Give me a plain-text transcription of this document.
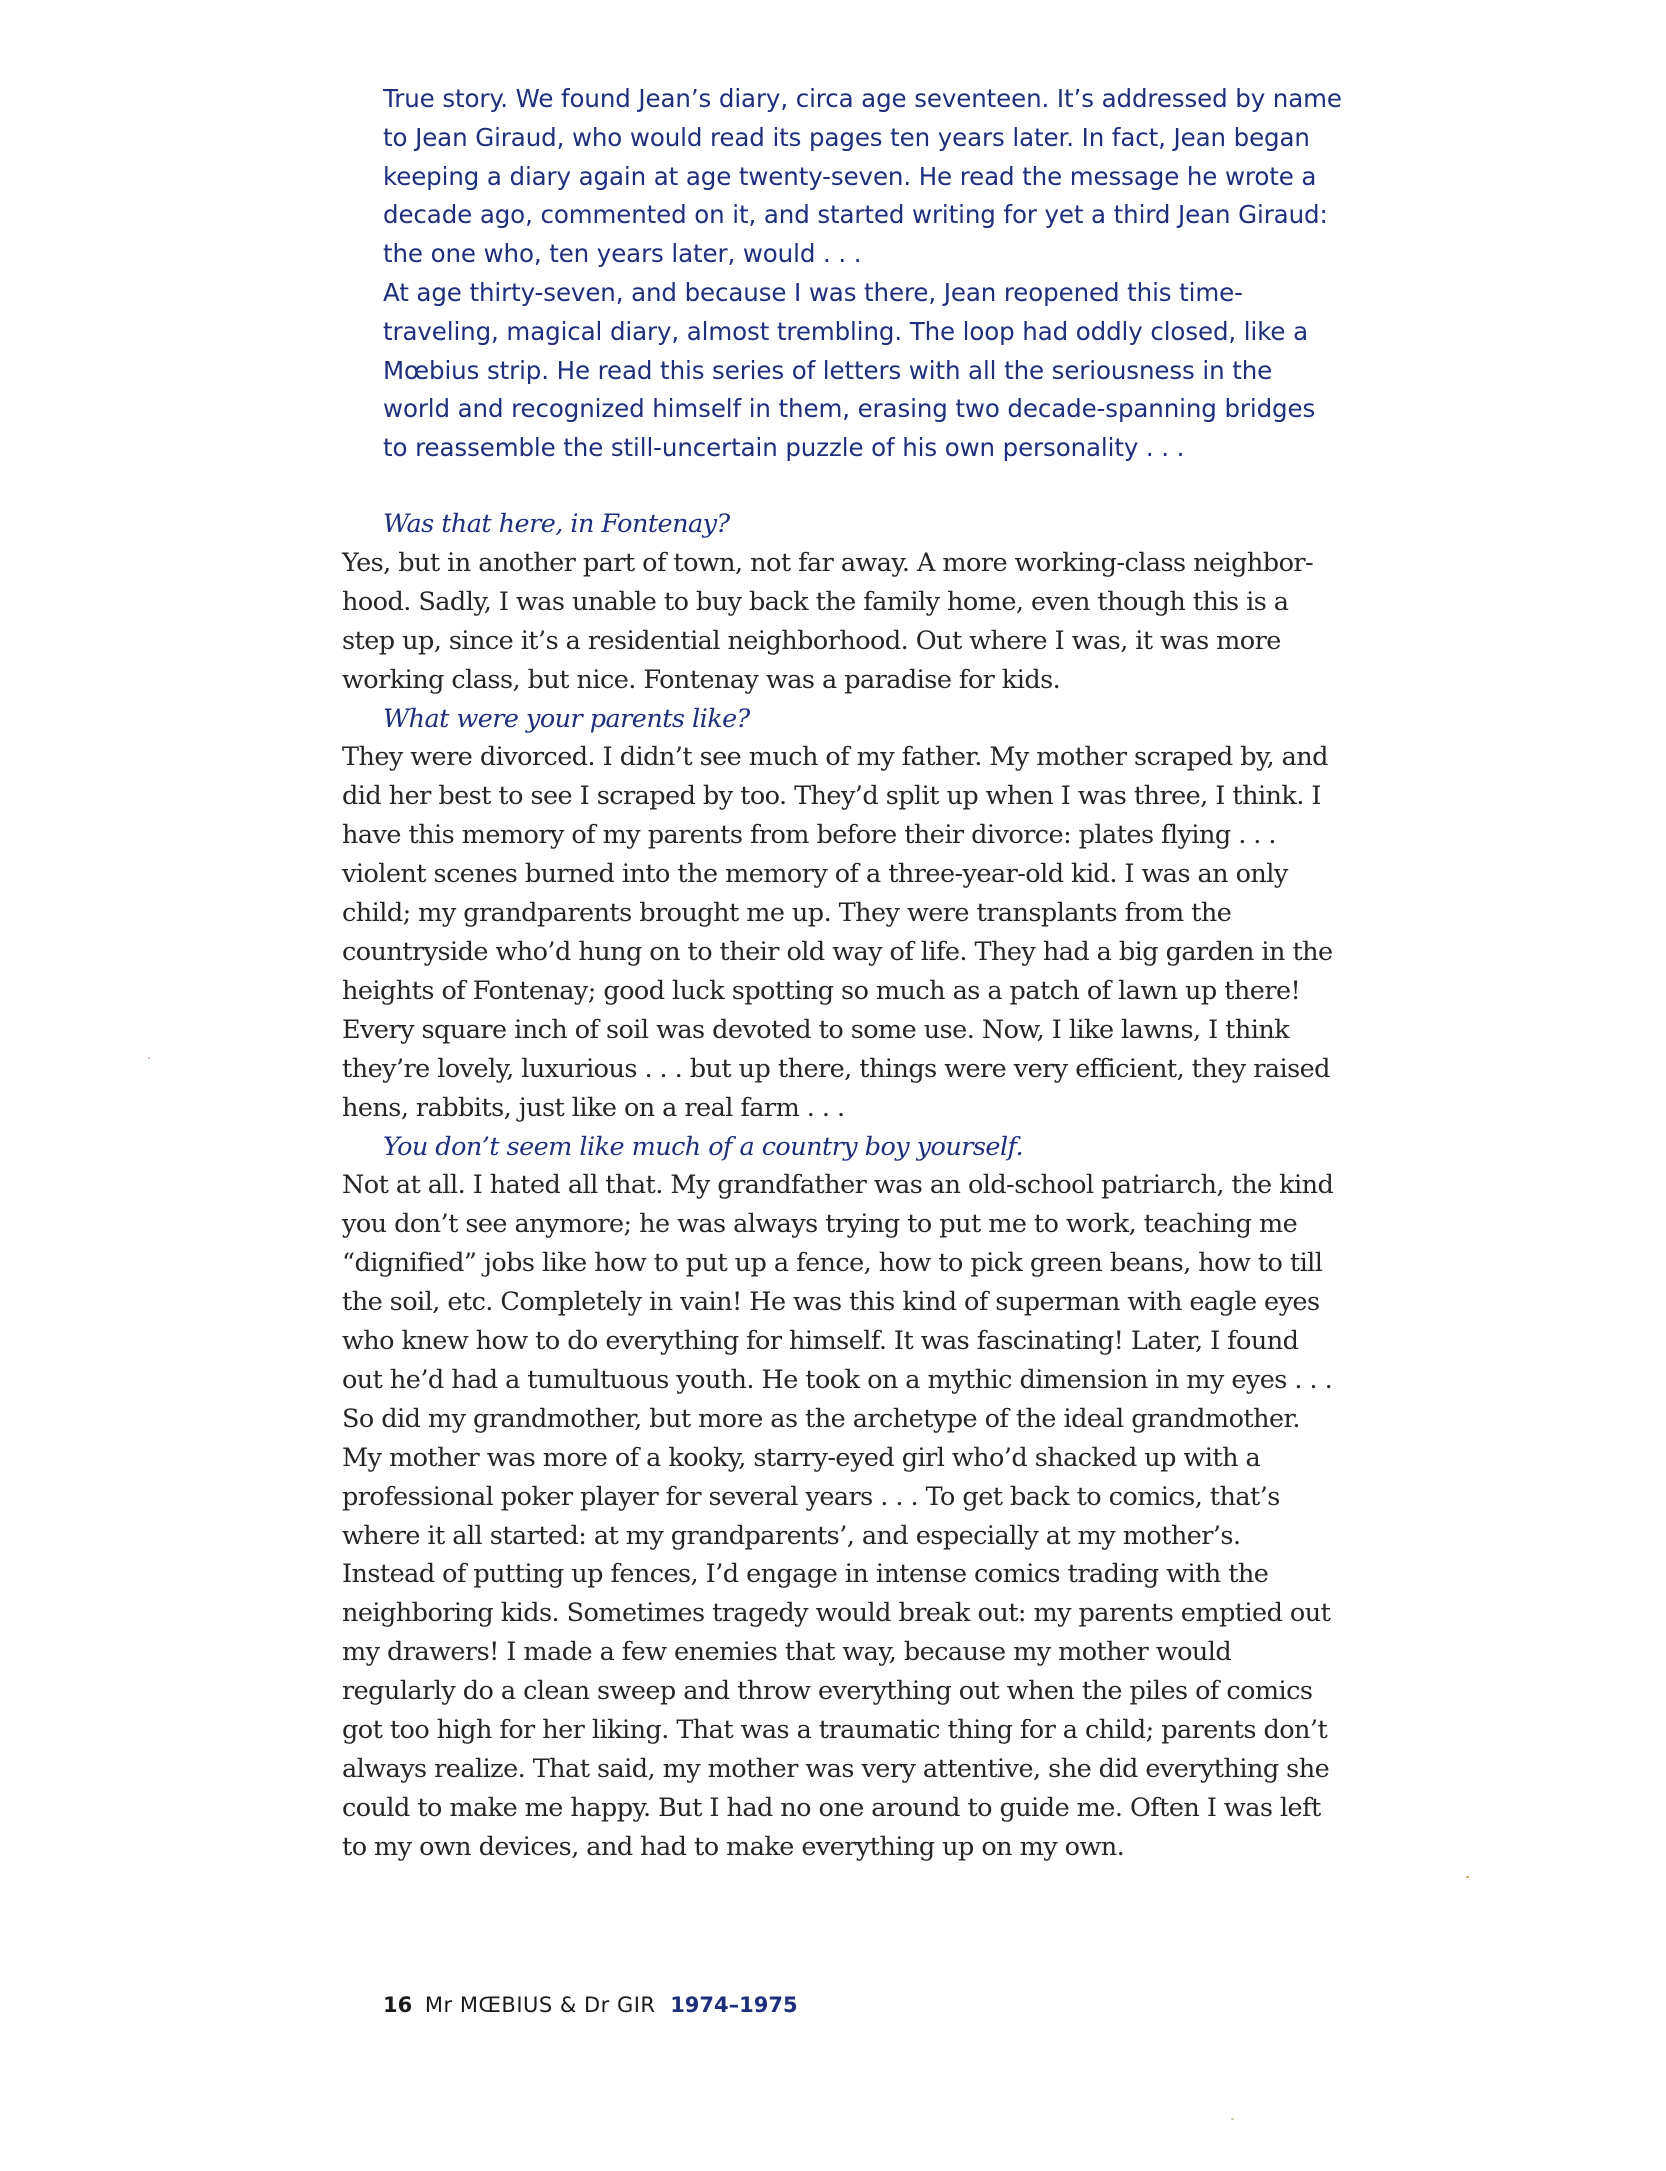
True story. We found Jean’s diary, circa age seventeen. It’s addressed by name to Jean Giraud, who would read its pages ten years later. In fact, Jean began keeping a diary again at age twenty-seven. He read the message he wrote a decade ago, commented on it, and started writing for yet a third Jean Giraud: the one who, ten years later, would . . .

At age thirty-seven, and because I was there, Jean reopened this time-traveling, magical diary, almost trembling. The loop had oddly closed, like a Mœbius strip. He read this series of letters with all the seriousness in the world and recognized himself in them, erasing two decade-spanning bridges to reassemble the still-uncertain puzzle of his own personality . . .

Was that here, in Fontenay?

Yes, but in another part of town, not far away. A more working-class neighborhood. Sadly, I was unable to buy back the family home, even though this is a step up, since it’s a residential neighborhood. Out where I was, it was more working class, but nice. Fontenay was a paradise for kids.

What were your parents like?

They were divorced. I didn’t see much of my father. My mother scraped by, and did her best to see I scraped by too. They’d split up when I was three, I think. I have this memory of my parents from before their divorce: plates flying . . . violent scenes burned into the memory of a three-year-old kid. I was an only child; my grandparents brought me up. They were transplants from the countryside who’d hung on to their old way of life. They had a big garden in the heights of Fontenay; good luck spotting so much as a patch of lawn up there! Every square inch of soil was devoted to some use. Now, I like lawns, I think they’re lovely, luxurious . . . but up there, things were very efficient, they raised hens, rabbits, just like on a real farm . . .

You don’t seem like much of a country boy yourself.

Not at all. I hated all that. My grandfather was an old-school patriarch, the kind you don’t see anymore; he was always trying to put me to work, teaching me “dignified” jobs like how to put up a fence, how to pick green beans, how to till the soil, etc. Completely in vain! He was this kind of superman with eagle eyes who knew how to do everything for himself. It was fascinating! Later, I found out he’d had a tumultuous youth. He took on a mythic dimension in my eyes . . . So did my grandmother, but more as the archetype of the ideal grandmother. My mother was more of a kooky, starry-eyed girl who’d shacked up with a professional poker player for several years . . . To get back to comics, that’s where it all started: at my grandparents’, and especially at my mother’s. Instead of putting up fences, I’d engage in intense comics trading with the neighboring kids. Sometimes tragedy would break out: my parents emptied out my drawers! I made a few enemies that way, because my mother would regularly do a clean sweep and throw everything out when the piles of comics got too high for her liking. That was a traumatic thing for a child; parents don’t always realize. That said, my mother was very attentive, she did everything she could to make me happy. But I had no one around to guide me. Often I was left to my own devices, and had to make everything up on my own.

16 Mr MŒBIUS & Dr GIR 1974–1975
